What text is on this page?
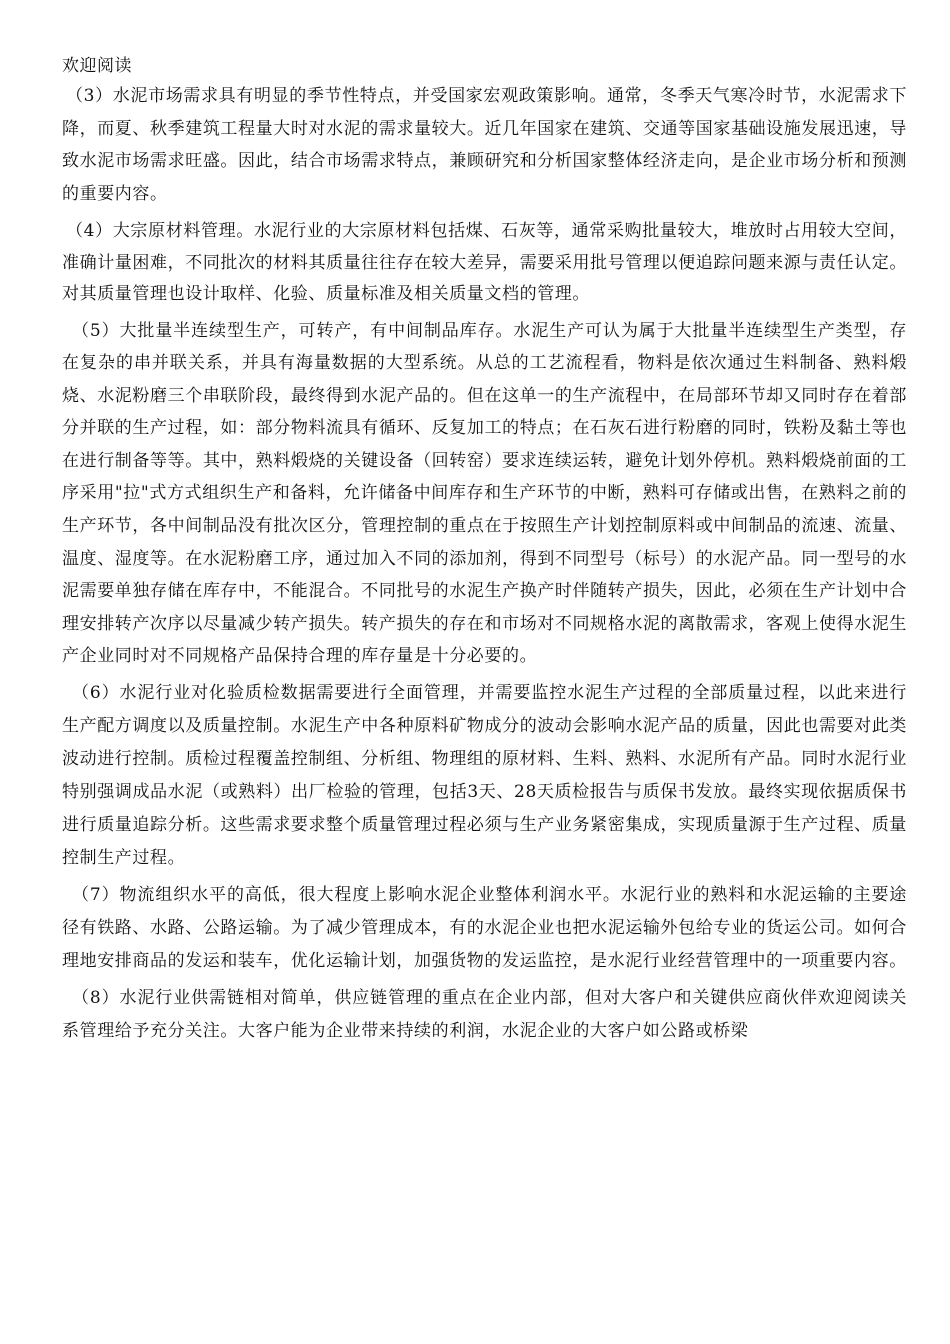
欢迎阅读

（3）水泥市场需求具有明显的季节性特点，并受国家宏观政策影响。通常，冬季天气寒冷时节，水泥需求下降，而夏、秋季建筑工程量大时对水泥的需求量较大。近几年国家在建筑、交通等国家基础设施发展迅速，导致水泥市场需求旺盛。因此，结合市场需求特点，兼顾研究和分析国家整体经济走向，是企业市场分析和预测的重要内容。

（4）大宗原材料管理。水泥行业的大宗原材料包括煤、石灰等，通常采购批量较大，堆放时占用较大空间，准确计量困难，不同批次的材料其质量往往存在较大差异，需要采用批号管理以便追踪问题来源与责任认定。对其质量管理也设计取样、化验、质量标准及相关质量文档的管理。

（5）大批量半连续型生产，可转产，有中间制品库存。水泥生产可认为属于大批量半连续型生产类型，存在复杂的串并联关系，并具有海量数据的大型系统。从总的工艺流程看，物料是依次通过生料制备、熟料煅烧、水泥粉磨三个串联阶段，最终得到水泥产品的。但在这单一的生产流程中，在局部环节却又同时存在着部分并联的生产过程，如：部分物料流具有循环、反复加工的特点；在石灰石进行粉磨的同时，铁粉及黏土等也在进行制备等等。其中，熟料煅烧的关键设备（回转窑）要求连续运转，避免计划外停机。熟料煅烧前面的工序采用"拉"式方式组织生产和备料，允许储备中间库存和生产环节的中断，熟料可存储或出售，在熟料之前的生产环节，各中间制品没有批次区分，管理控制的重点在于按照生产计划控制原料或中间制品的流速、流量、温度、湿度等。在水泥粉磨工序，通过加入不同的添加剂，得到不同型号（标号）的水泥产品。同一型号的水泥需要单独存储在库存中，不能混合。不同批号的水泥生产换产时伴随转产损失，因此，必须在生产计划中合理安排转产次序以尽量减少转产损失。转产损失的存在和市场对不同规格水泥的离散需求，客观上使得水泥生产企业同时对不同规格产品保持合理的库存量是十分必要的。

（6）水泥行业对化验质检数据需要进行全面管理，并需要监控水泥生产过程的全部质量过程，以此来进行生产配方调度以及质量控制。水泥生产中各种原料矿物成分的波动会影响水泥产品的质量，因此也需要对此类波动进行控制。质检过程覆盖控制组、分析组、物理组的原材料、生料、熟料、水泥所有产品。同时水泥行业特别强调成品水泥（或熟料）出厂检验的管理，包括3天、28天质检报告与质保书发放。最终实现依据质保书进行质量追踪分析。这些需求要求整个质量管理过程必须与生产业务紧密集成，实现质量源于生产过程、质量控制生产过程。

（7）物流组织水平的高低，很大程度上影响水泥企业整体利润水平。水泥行业的熟料和水泥运输的主要途径有铁路、水路、公路运输。为了减少管理成本，有的水泥企业也把水泥运输外包给专业的货运公司。如何合理地安排商品的发运和装车，优化运输计划，加强货物的发运监控，是水泥行业经营管理中的一项重要内容。

（8）水泥行业供需链相对简单，供应链管理的重点在企业内部，但对大客户和关键供应商伙伴欢迎阅读关系管理给予充分关注。大客户能为企业带来持续的利润，水泥企业的大客户如公路或桥梁
